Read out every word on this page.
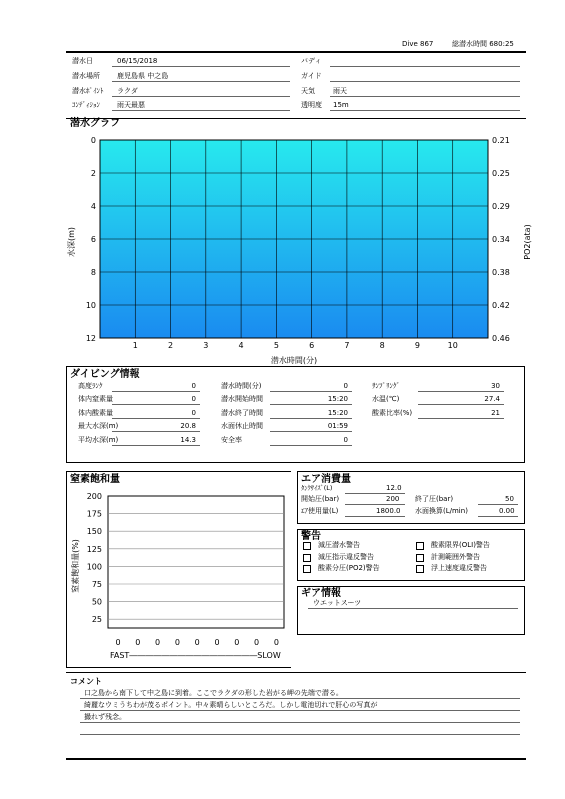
Dive 867	総潜水時間 680:25
潜水日	06/15/2018
潜水場所 鹿児島県 中之島
潜水ﾎﾟｲﾝﾄ ラクダ
ｺﾝﾃﾞｨｼｮﾝ 雨天最悪
バディ
ガイド
天気	雨天
透明度 15m
潜水グラフ
0
2
4
6
8
10
12
0.21
0.25
0.29
0.34
0.38
0.42
0.46
1	2	3	4	5	6	7	8	9	10
水深(m)	PO2(ata)
潜水時間(分)
ダイビング情報
高度ﾗﾝｸ	0
体内窒素量	0
体内酸素量	0
最大水深(m)	20.8
平均水深(m)	14.3
潜水時間(分)	0
潜水開始時間	15:20
潜水終了時間	15:20
水面休止時間	01:59
安全率	0
ｻﾝﾌﾟﾘﾝｸﾞ	30
水温(℃)	27.4
酸素比率(%)	21
窒素飽和量
200
175
150
125
100
75
50
25
0 0 0 0 0 0 0 0 0
窒素飽和量(%)
FAST――――――――――――――――SLOW
エア消費量
ﾀﾝｸｻｲｽﾞ(L)	12.0
開始圧(bar)	200 終了圧(bar)	50
ｴｱ使用量(L)	1800.0 水面換算(L/min)	0.00
警告
減圧潜水警告	酸素限界(OLI)警告
減圧指示違反警告	計測範囲外警告
酸素分圧(PO2)警告	浮上速度違反警告
ギア情報
ウエットスーツ
コメント
口之島から南下して中之島に到着。ここでラクダの形した岩がる岬の先端で潜る。
綺麗なウミうちわが茂るポイント。中々素晴らしいところだ。しかし電池切れで肝心の写真が
撮れず残念。
